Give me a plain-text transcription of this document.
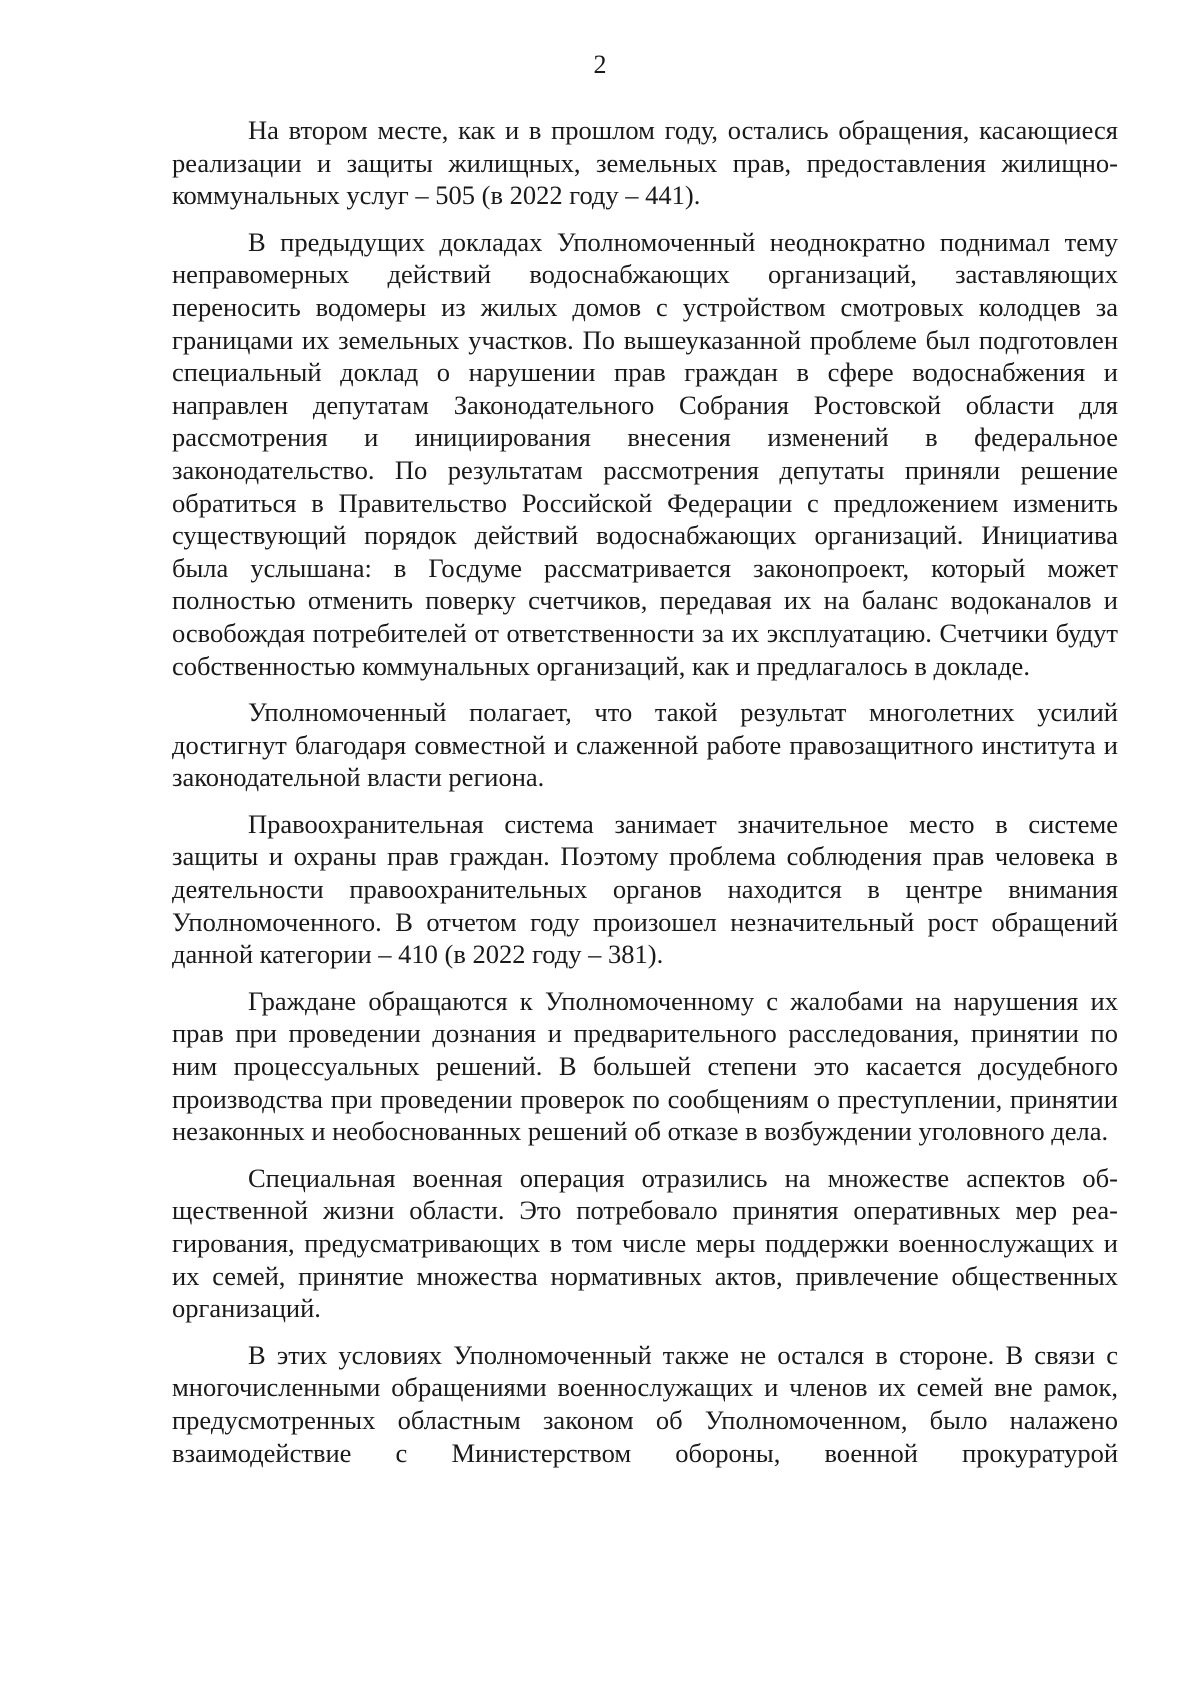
2

На втором месте, как и в прошлом году, остались обращения, касающиеся реализации и защиты жилищных, земельных прав, предоставления жилищно-коммунальных услуг – 505 (в 2022 году – 441).

В предыдущих докладах Уполномоченный неоднократно поднимал тему неправомерных действий водоснабжающих организаций, заставляющих переносить водомеры из жилых домов с устройством смотровых колодцев за границами их земельных участков. По вышеуказанной проблеме был подготовлен специальный доклад о нарушении прав граждан в сфере водоснабжения и направлен депутатам Законодательного Собрания Ростовской области для рассмотрения и инициирования внесения изменений в федеральное законодательство. По результатам рассмотрения депутаты приняли решение обратиться в Правительство Российской Федерации с предложением изменить существующий порядок действий водоснабжающих организаций. Инициатива была услышана: в Госдуме рассматривается законопроект, который может полностью отменить поверку счетчиков, передавая их на баланс водоканалов и освобождая потребителей от ответственности за их эксплуатацию. Счетчики будут собственностью коммунальных организаций, как и предлагалось в докладе.

Уполномоченный полагает, что такой результат многолетних усилий достигнут благодаря совместной и слаженной работе правозащитного института и законодательной власти региона.

Правоохранительная система занимает значительное место в системе защиты и охраны прав граждан. Поэтому проблема соблюдения прав человека в деятельности правоохранительных органов находится в центре внимания Уполномоченного. В отчетом году произошел незначительный рост обращений данной категории – 410 (в 2022 году – 381).

Граждане обращаются к Уполномоченному с жалобами на нарушения их прав при проведении дознания и предварительного расследования, принятии по ним процессуальных решений. В большей степени это касается досудебного производства при проведении проверок по сообщениям о преступлении, принятии незаконных и необоснованных решений об отказе в возбуждении уголовного дела.

Специальная военная операция отразились на множестве аспектов общественной жизни области. Это потребовало принятия оперативных мер реагирования, предусматривающих в том числе меры поддержки военнослужащих и их семей, принятие множества нормативных актов, привлечение общественных организаций.

В этих условиях Уполномоченный также не остался в стороне. В связи с многочисленными обращениями военнослужащих и членов их семей вне рамок, предусмотренных областным законом об Уполномоченном, было налажено взаимодействие с Министерством обороны, военной прокуратурой
